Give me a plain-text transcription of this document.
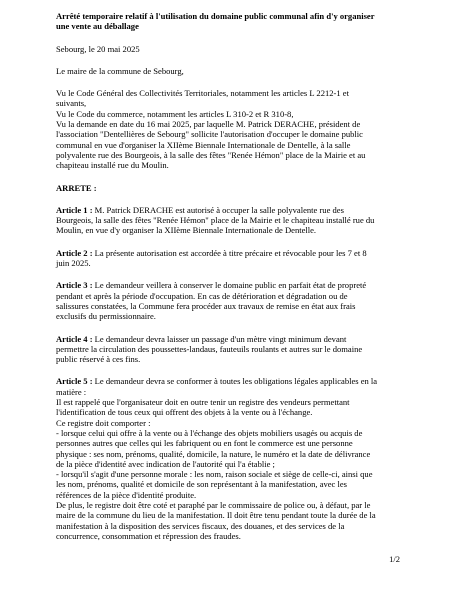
Arrêté temporaire relatif à l'utilisation du domaine public communal afin d'y organiser
une vente au déballage
Sebourg, le 20 mai 2025
Le maire de la commune de Sebourg,
Vu le Code Général des Collectivités Territoriales, notamment les articles L 2212-1 et
suivants,
Vu le Code du commerce, notamment les articles L 310-2 et R 310-8,
Vu la demande en date du 16 mai 2025, par laquelle M. Patrick DERACHE, président de
l'association "Dentellières de Sebourg" sollicite l'autorisation d'occuper le domaine public
communal en vue d'organiser la XIIème Biennale Internationale de Dentelle, à la salle
polyvalente rue des Bourgeois, à la salle des fêtes "Renée Hémon" place de la Mairie et au
chapiteau installé rue du Moulin.
ARRETE :
Article 1 : M. Patrick DERACHE est autorisé à occuper la salle polyvalente rue des
Bourgeois, la salle des fêtes "Renée Hémon" place de la Mairie et le chapiteau installé rue du
Moulin, en vue d'y organiser la XIIème Biennale Internationale de Dentelle.
Article 2 : La présente autorisation est accordée à titre précaire et révocable pour les 7 et 8
juin 2025.
Article 3 : Le demandeur veillera à conserver le domaine public en parfait état de propreté
pendant et après la période d'occupation. En cas de détérioration et dégradation ou de
salissures constatées, la Commune fera procéder aux travaux de remise en état aux frais
exclusifs du permissionnaire.
Article 4 : Le demandeur devra laisser un passage d'un mètre vingt minimum devant
permettre la circulation des poussettes-landaus, fauteuils roulants et autres sur le domaine
public réservé à ces fins.
Article 5 : Le demandeur devra se conformer à toutes les obligations légales applicables en la
matière :
Il est rappelé que l'organisateur doit en outre tenir un registre des vendeurs permettant
l'identification de tous ceux qui offrent des objets à la vente ou à l'échange.
Ce registre doit comporter :
- lorsque celui qui offre à la vente ou à l'échange des objets mobiliers usagés ou acquis de
personnes autres que celles qui les fabriquent ou en font le commerce est une personne
physique : ses nom, prénoms, qualité, domicile, la nature, le numéro et la date de délivrance
de la pièce d'identité avec indication de l'autorité qui l'a établie ;
- lorsqu'il s'agit d'une personne morale : les nom, raison sociale et siège de celle-ci, ainsi que
les nom, prénoms, qualité et domicile de son représentant à la manifestation, avec les
références de la pièce d'identité produite.
De plus, le registre doit être coté et paraphé par le commissaire de police ou, à défaut, par le
maire de la commune du lieu de la manifestation. Il doit être tenu pendant toute la durée de la
manifestation à la disposition des services fiscaux, des douanes, et des services de la
concurrence, consommation et répression des fraudes.
1/2
